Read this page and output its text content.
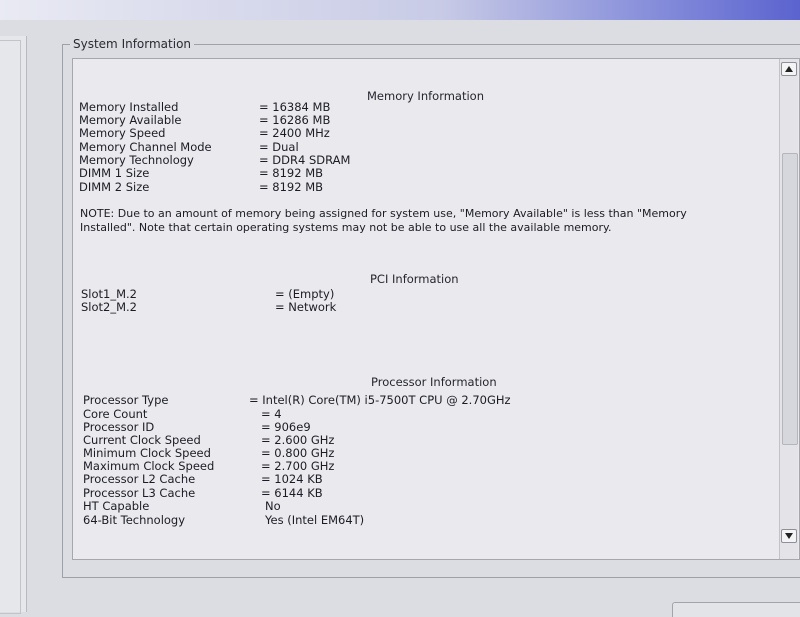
System Information
Memory Information
Memory Installed	= 16384 MB
Memory Available	= 16286 MB
Memory Speed	= 2400 MHz
Memory Channel Mode	= Dual
Memory Technology	= DDR4 SDRAM
DIMM 1 Size	= 8192 MB
DIMM 2 Size	= 8192 MB
NOTE: Due to an amount of memory being assigned for system use, "Memory Available" is less than "Memory Installed". Note that certain operating systems may not be able to use all the available memory.
PCI Information
Slot1_M.2	= (Empty)
Slot2_M.2	= Network
Processor Information
Processor Type	= Intel(R) Core(TM) i5-7500T CPU @ 2.70GHz
Core Count	= 4
Processor ID	= 906e9
Current Clock Speed	= 2.600 GHz
Minimum Clock Speed	= 0.800 GHz
Maximum Clock Speed	= 2.700 GHz
Processor L2 Cache	= 1024 KB
Processor L3 Cache	= 6144 KB
HT Capable	No
64-Bit Technology	Yes (Intel EM64T)
